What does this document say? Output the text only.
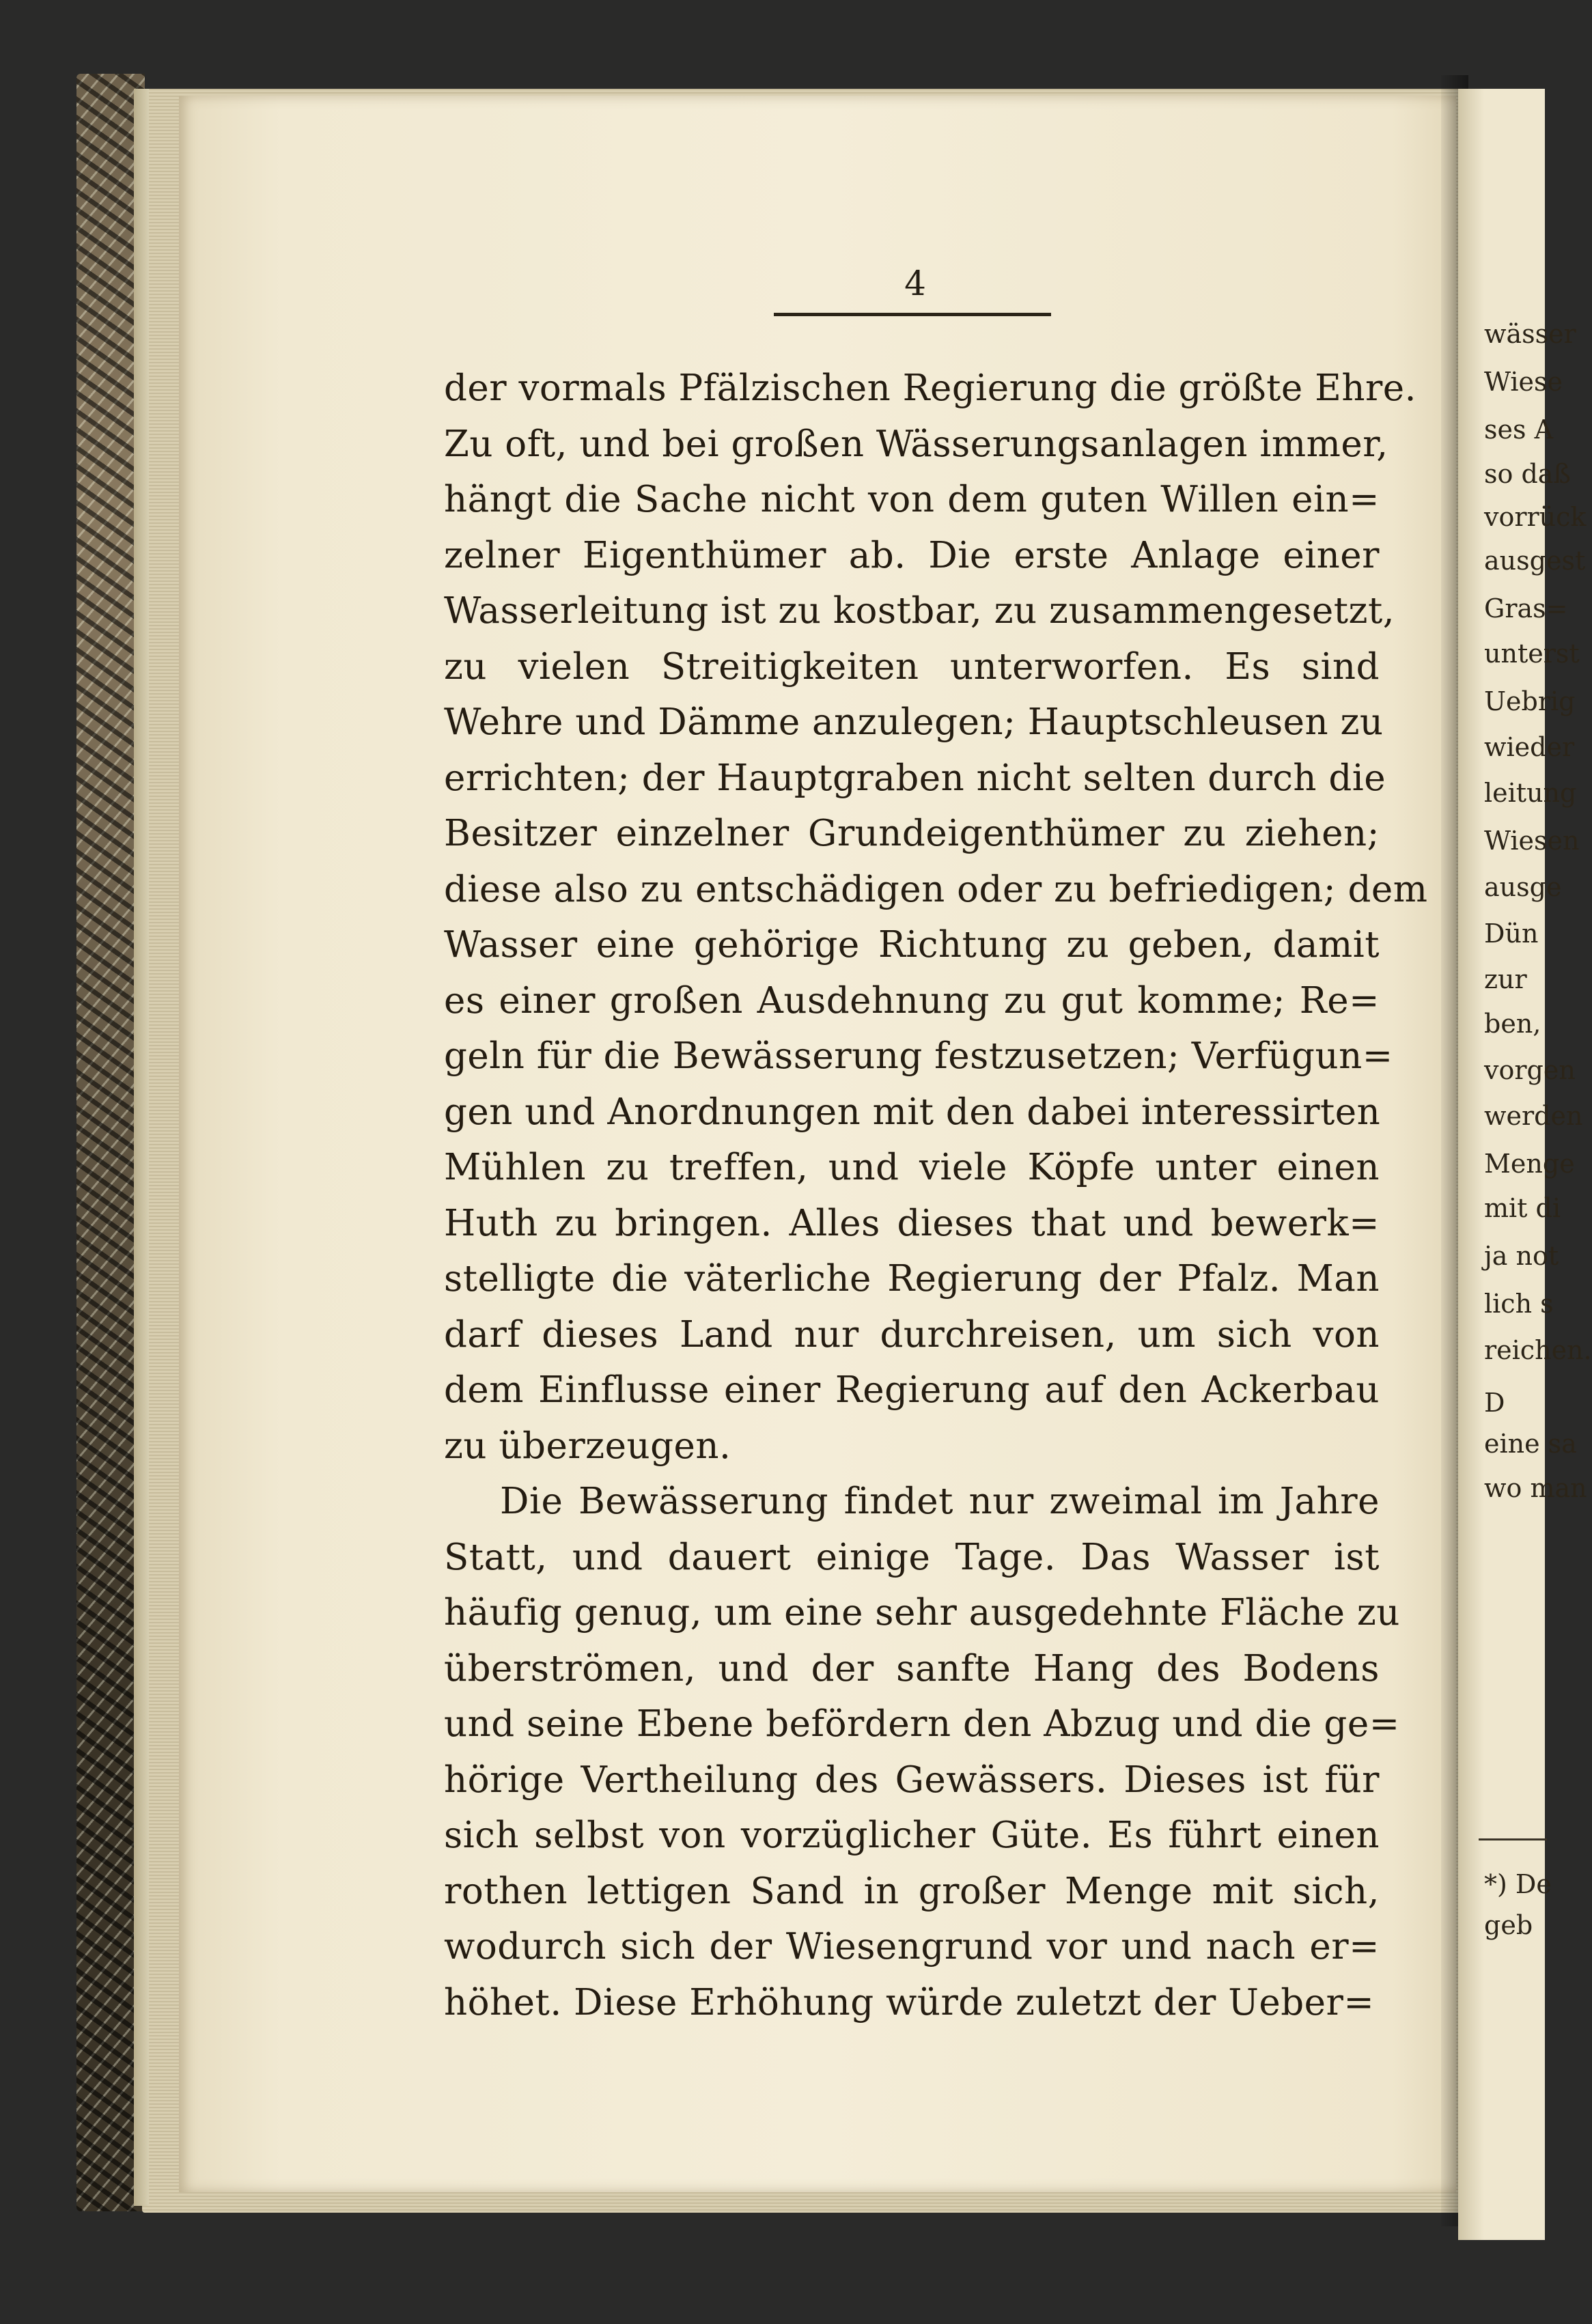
wässer
Wiese
ses A
so daß
vorrück
ausgest
Gras=
unterst
Uebrig
wieder
leitung
Wiesen
ausge
Dün
zur
ben,
vorgen
werden
Menge
mit di
ja not
lich s
reichen.
D
eine sa
wo man
*) De
geb
4
der vormals Pfälzischen Regierung die größte Ehre.
Zu oft, und bei großen Wässerungsanlagen immer,
hängt die Sache nicht von dem guten Willen ein=
zelner Eigenthümer ab. Die erste Anlage einer
Wasserleitung ist zu kostbar, zu zusammengesetzt,
zu vielen Streitigkeiten unterworfen. Es sind
Wehre und Dämme anzulegen; Hauptschleusen zu
errichten; der Hauptgraben nicht selten durch die
Besitzer einzelner Grundeigenthümer zu ziehen;
diese also zu entschädigen oder zu befriedigen; dem
Wasser eine gehörige Richtung zu geben, damit
es einer großen Ausdehnung zu gut komme; Re=
geln für die Bewässerung festzusetzen; Verfügun=
gen und Anordnungen mit den dabei interessirten
Mühlen zu treffen, und viele Köpfe unter einen
Huth zu bringen. Alles dieses that und bewerk=
stelligte die väterliche Regierung der Pfalz. Man
darf dieses Land nur durchreisen, um sich von
dem Einflusse einer Regierung auf den Ackerbau
zu überzeugen.
Die Bewässerung findet nur zweimal im Jahre
Statt, und dauert einige Tage. Das Wasser ist
häufig genug, um eine sehr ausgedehnte Fläche zu
überströmen, und der sanfte Hang des Bodens
und seine Ebene befördern den Abzug und die ge=
hörige Vertheilung des Gewässers. Dieses ist für
sich selbst von vorzüglicher Güte. Es führt einen
rothen lettigen Sand in großer Menge mit sich,
wodurch sich der Wiesengrund vor und nach er=
höhet. Diese Erhöhung würde zuletzt der Ueber=
